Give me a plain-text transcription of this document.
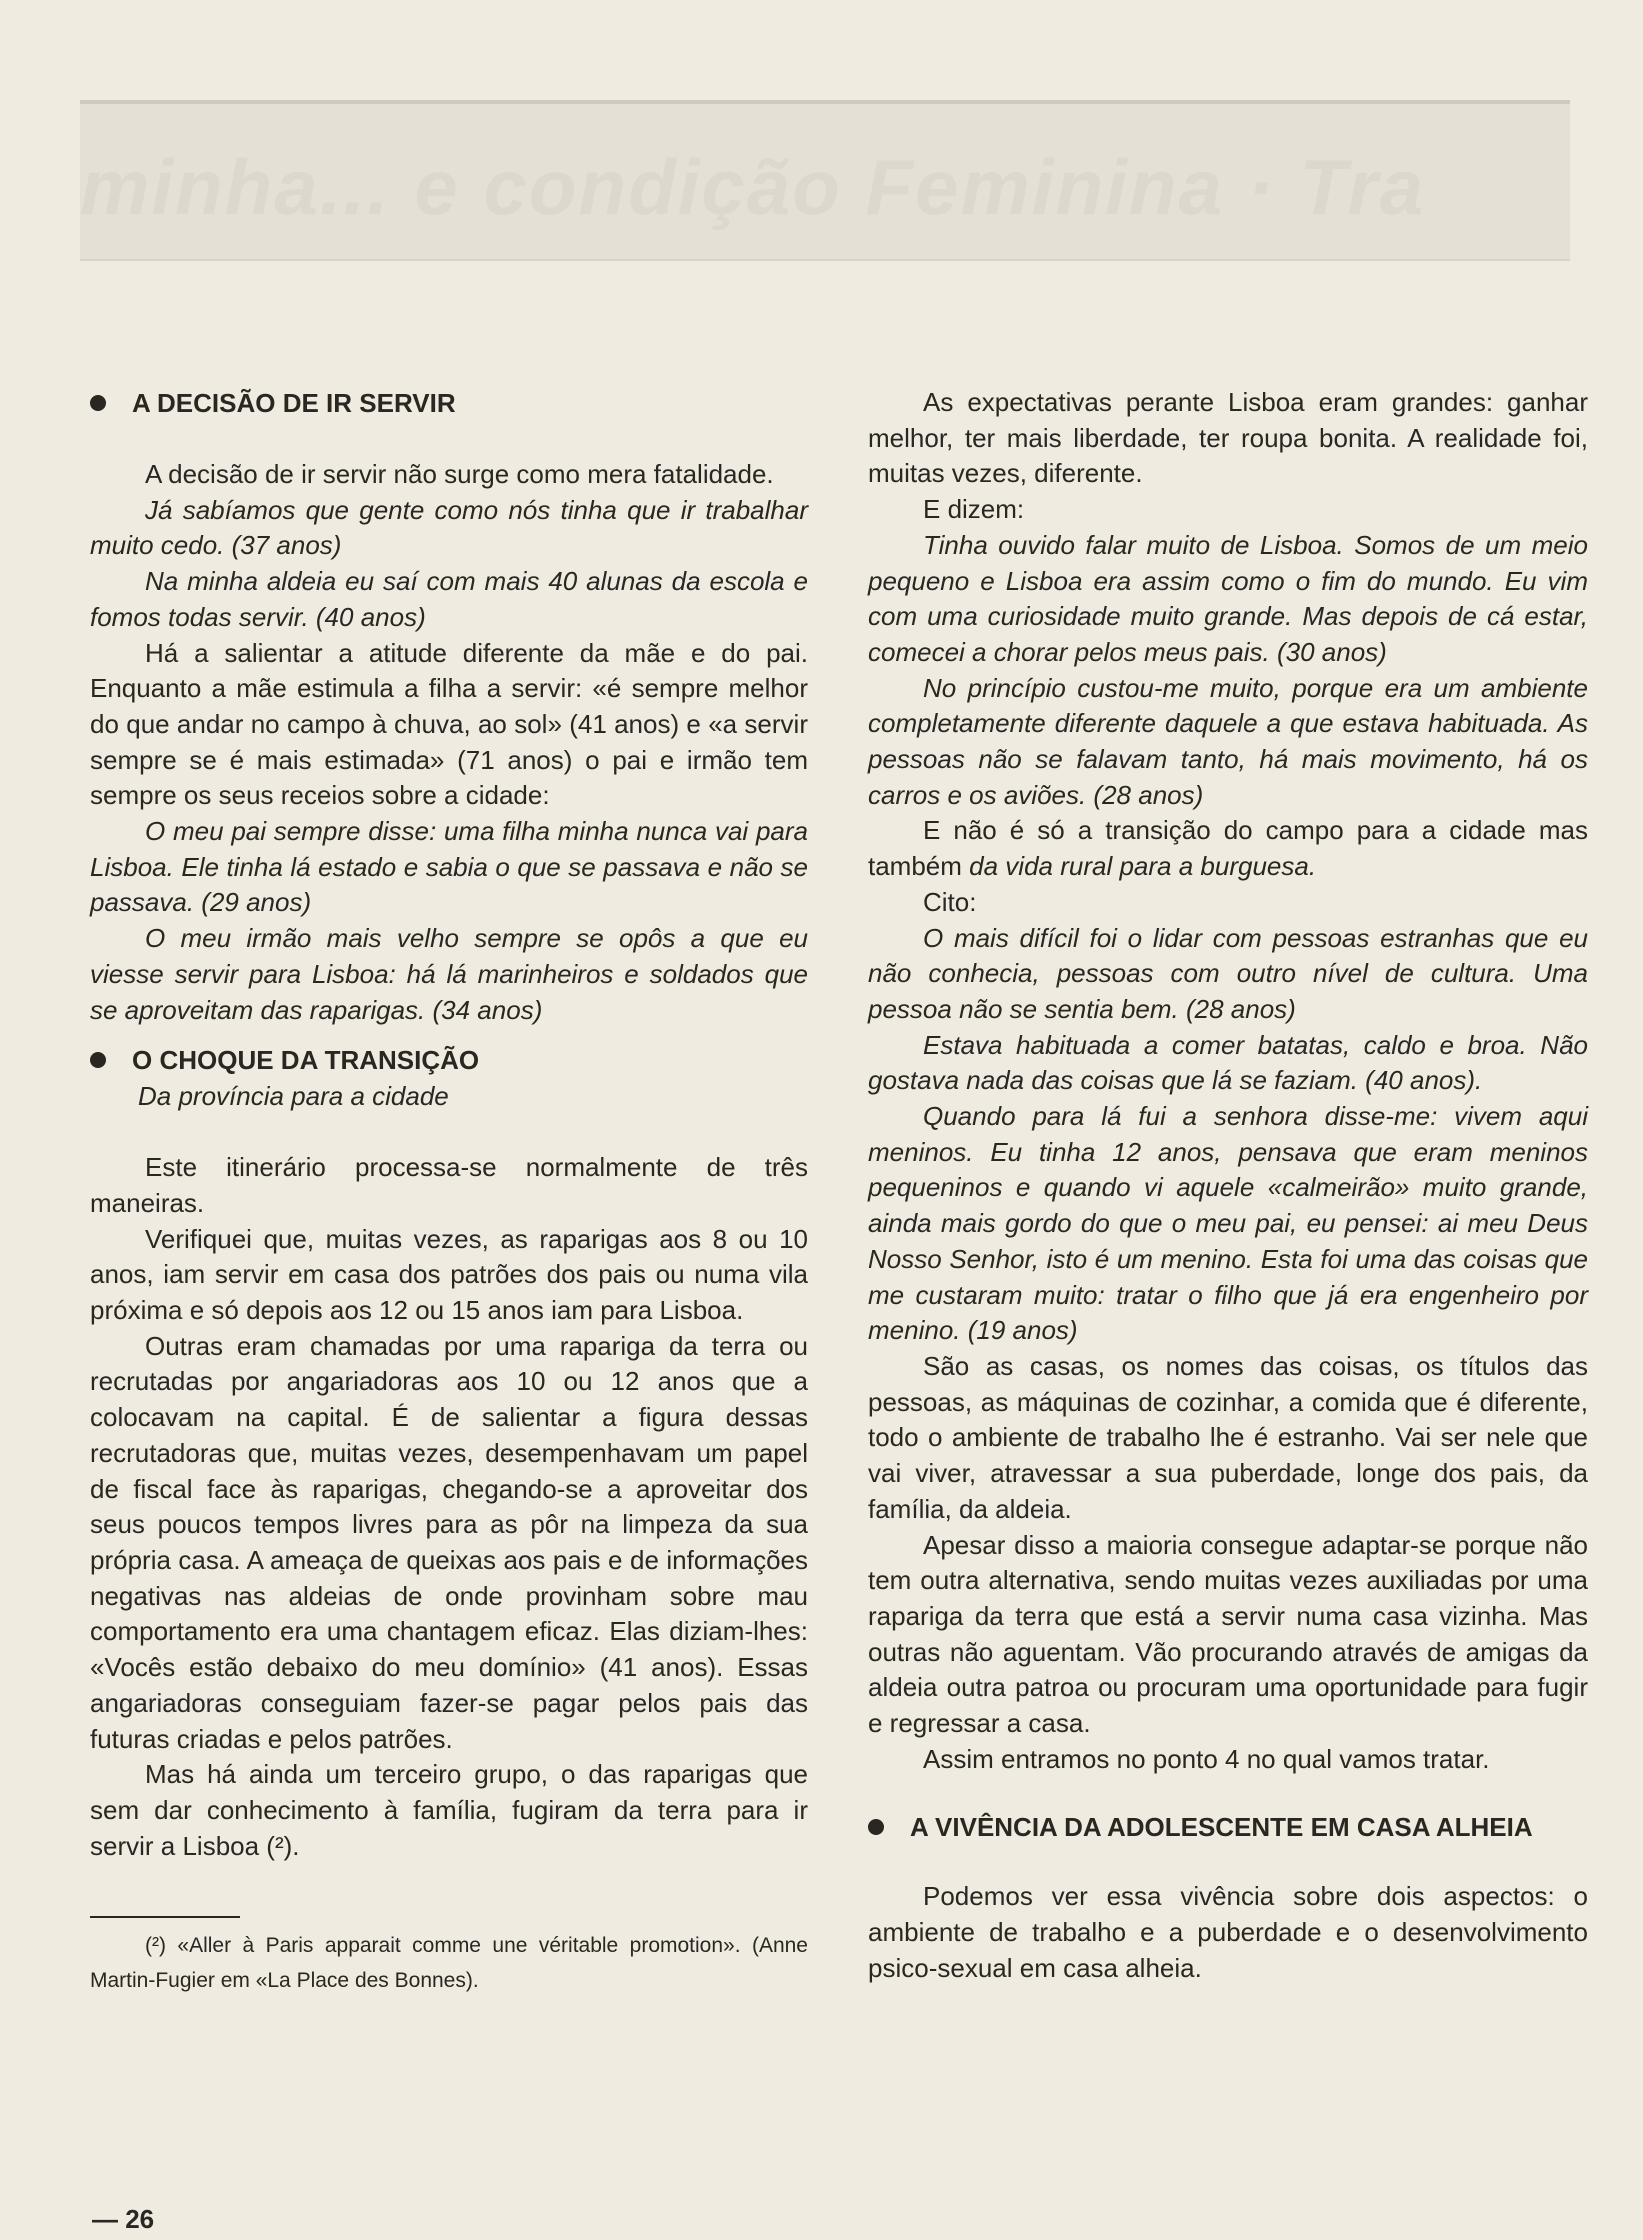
minha... e condição Feminina · Tra
A DECISÃO DE IR SERVIR

A decisão de ir servir não surge como mera fatalidade.

Já sabíamos que gente como nós tinha que ir trabalhar muito cedo. (37 anos)

Na minha aldeia eu saí com mais 40 alunas da escola e fomos todas servir. (40 anos)

Há a salientar a atitude diferente da mãe e do pai. Enquanto a mãe estimula a filha a servir: «é sempre melhor do que andar no campo à chuva, ao sol» (41 anos) e «a servir sempre se é mais estimada» (71 anos) o pai e irmão tem sempre os seus receios sobre a cidade:

O meu pai sempre disse: uma filha minha nunca vai para Lisboa. Ele tinha lá estado e sabia o que se passava e não se passava. (29 anos)

O meu irmão mais velho sempre se opôs a que eu viesse servir para Lisboa: há lá marinheiros e soldados que se aproveitam das raparigas. (34 anos)

O CHOQUE DA TRANSIÇÃO

Da província para a cidade

Este itinerário processa-se normalmente de três maneiras.

Verifiquei que, muitas vezes, as raparigas aos 8 ou 10 anos, iam servir em casa dos patrões dos pais ou numa vila próxima e só depois aos 12 ou 15 anos iam para Lisboa.

Outras eram chamadas por uma rapariga da terra ou recrutadas por angariadoras aos 10 ou 12 anos que a colocavam na capital. É de salientar a figura dessas recrutadoras que, muitas vezes, desempenhavam um papel de fiscal face às raparigas, chegando-se a aproveitar dos seus poucos tempos livres para as pôr na limpeza da sua própria casa. A ameaça de queixas aos pais e de informações negativas nas aldeias de onde provinham sobre mau comportamento era uma chantagem eficaz. Elas diziam-lhes: «Vocês estão debaixo do meu domínio» (41 anos). Essas angariadoras conseguiam fazer-se pagar pelos pais das futuras criadas e pelos patrões.

Mas há ainda um terceiro grupo, o das raparigas que sem dar conhecimento à família, fugiram da terra para ir servir a Lisboa (²).

(²) «Aller à Paris apparait comme une véritable promotion». (Anne Martin-Fugier em «La Place des Bonnes).

As expectativas perante Lisboa eram grandes: ganhar melhor, ter mais liberdade, ter roupa bonita. A realidade foi, muitas vezes, diferente.

E dizem:

Tinha ouvido falar muito de Lisboa. Somos de um meio pequeno e Lisboa era assim como o fim do mundo. Eu vim com uma curiosidade muito grande. Mas depois de cá estar, comecei a chorar pelos meus pais. (30 anos)

No princípio custou-me muito, porque era um ambiente completamente diferente daquele a que estava habituada. As pessoas não se falavam tanto, há mais movimento, há os carros e os aviões. (28 anos)

E não é só a transição do campo para a cidade mas também da vida rural para a burguesa.

Cito:

O mais difícil foi o lidar com pessoas estranhas que eu não conhecia, pessoas com outro nível de cultura. Uma pessoa não se sentia bem. (28 anos)

Estava habituada a comer batatas, caldo e broa. Não gostava nada das coisas que lá se faziam. (40 anos).

Quando para lá fui a senhora disse-me: vivem aqui meninos. Eu tinha 12 anos, pensava que eram meninos pequeninos e quando vi aquele «calmeirão» muito grande, ainda mais gordo do que o meu pai, eu pensei: ai meu Deus Nosso Senhor, isto é um menino. Esta foi uma das coisas que me custaram muito: tratar o filho que já era engenheiro por menino. (19 anos)

São as casas, os nomes das coisas, os títulos das pessoas, as máquinas de cozinhar, a comida que é diferente, todo o ambiente de trabalho lhe é estranho. Vai ser nele que vai viver, atravessar a sua puberdade, longe dos pais, da família, da aldeia.

Apesar disso a maioria consegue adaptar-se porque não tem outra alternativa, sendo muitas vezes auxiliadas por uma rapariga da terra que está a servir numa casa vizinha. Mas outras não aguentam. Vão procurando através de amigas da aldeia outra patroa ou procuram uma oportunidade para fugir e regressar a casa.

Assim entramos no ponto 4 no qual vamos tratar.

A VIVÊNCIA DA ADOLESCENTE EM CASA ALHEIA

Podemos ver essa vivência sobre dois aspectos: o ambiente de trabalho e a puberdade e o desenvolvimento psico-sexual em casa alheia.

— 26
